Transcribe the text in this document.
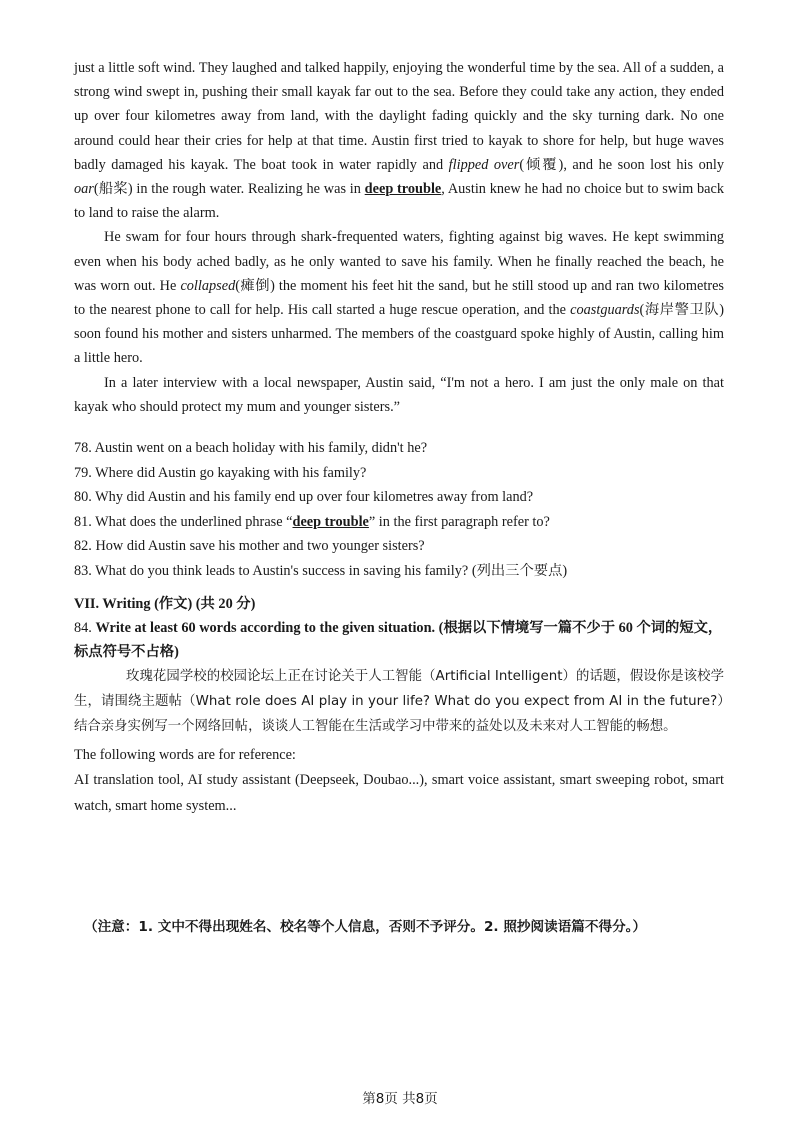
just a little soft wind. They laughed and talked happily, enjoying the wonderful time by the sea. All of a sudden, a strong wind swept in, pushing their small kayak far out to the sea. Before they could take any action, they ended up over four kilometres away from land, with the daylight fading quickly and the sky turning dark. No one around could hear their cries for help at that time. Austin first tried to kayak to shore for help, but huge waves badly damaged his kayak. The boat took in water rapidly and flipped over(倾覆), and he soon lost his only oar(船桨) in the rough water. Realizing he was in deep trouble, Austin knew he had no choice but to swim back to land to raise the alarm.

He swam for four hours through shark-frequented waters, fighting against big waves. He kept swimming even when his body ached badly, as he only wanted to save his family. When he finally reached the beach, he was worn out. He collapsed(瘫倒) the moment his feet hit the sand, but he still stood up and ran two kilometres to the nearest phone to call for help. His call started a huge rescue operation, and the coastguards(海岸警卫队) soon found his mother and sisters unharmed. The members of the coastguard spoke highly of Austin, calling him a little hero.

In a later interview with a local newspaper, Austin said, “I'm not a hero. I am just the only male on that kayak who should protect my mum and younger sisters.”

78. Austin went on a beach holiday with his family, didn't he?
79. Where did Austin go kayaking with his family?
80. Why did Austin and his family end up over four kilometres away from land?
81. What does the underlined phrase “deep trouble” in the first paragraph refer to?
82. How did Austin save his mother and two younger sisters?
83. What do you think leads to Austin's success in saving his family? (列出三个要点)
VII. Writing (作文) (共 20 分)
84. Write at least 60 words according to the given situation. (根据以下情境写一篇不少于 60 个词的短文，标点符号不占格)

玫瑰花园学校的校园论坛上正在讨论关于人工智能（Artificial Intelligent）的话题，假设你是该校学生，请围绕主题帖（What role does AI play in your life? What do you expect from AI in the future?）结合亲身实例写一个网络回帖，谈谈人工智能在生活或学习中带来的益处以及未来对人工智能的畅想。

The following words are for reference:

AI translation tool, AI study assistant (Deepseek, Doubao...), smart voice assistant, smart sweeping robot, smart watch, smart home system...

（注意：1. 文中不得出现姓名、校名等个人信息，否则不予评分。2. 照抄阅读语篇不得分。）
第8页 共8页
